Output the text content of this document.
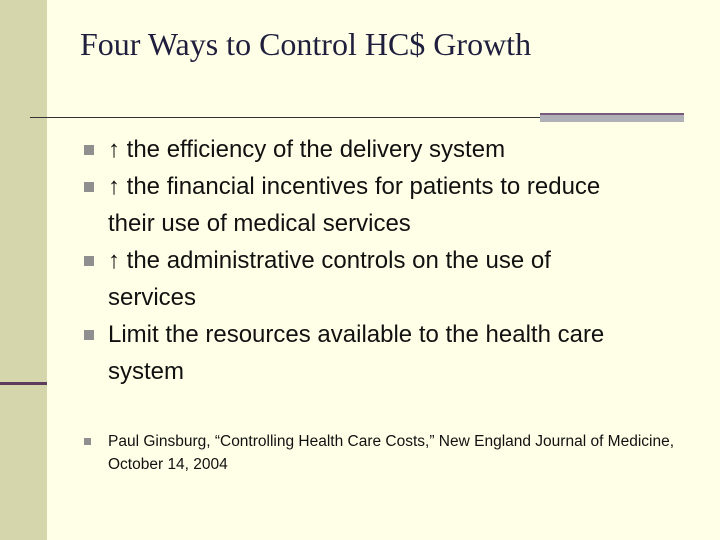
Four Ways to Control HC$ Growth
↑ the efficiency of the delivery system
↑ the financial incentives for patients to reduce their use of medical services
↑ the administrative controls on the use of services
Limit the resources available to the health care system
Paul Ginsburg, “Controlling Health Care Costs,” New England Journal of Medicine, October 14, 2004
